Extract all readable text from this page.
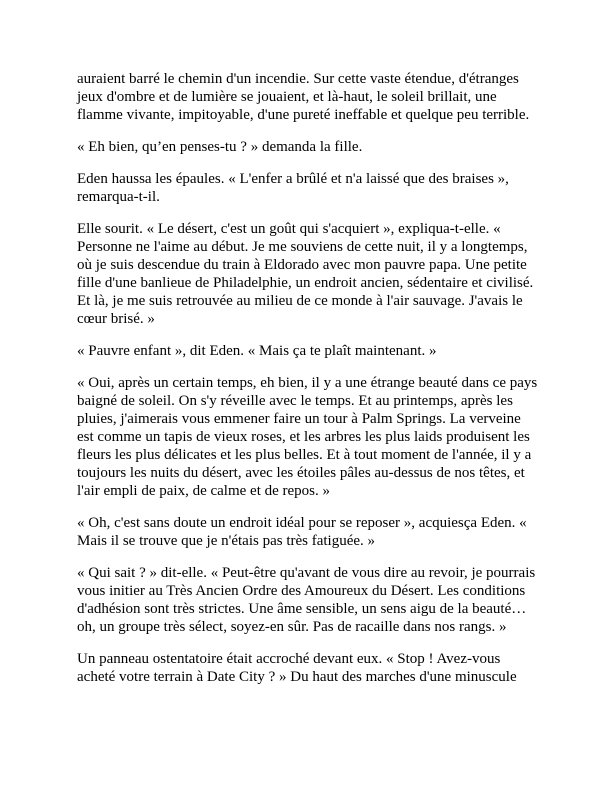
auraient barré le chemin d'un incendie. Sur cette vaste étendue, d'étranges jeux d'ombre et de lumière se jouaient, et là-haut, le soleil brillait, une flamme vivante, impitoyable, d'une pureté ineffable et quelque peu terrible.

« Eh bien, qu’en penses-tu ? » demanda la fille.

Eden haussa les épaules. « L'enfer a brûlé et n'a laissé que des braises », remarqua-t-il.

Elle sourit. « Le désert, c'est un goût qui s'acquiert », expliqua-t-elle. « Personne ne l'aime au début. Je me souviens de cette nuit, il y a longtemps, où je suis descendue du train à Eldorado avec mon pauvre papa. Une petite fille d'une banlieue de Philadelphie, un endroit ancien, sédentaire et civilisé. Et là, je me suis retrouvée au milieu de ce monde à l'air sauvage. J'avais le cœur brisé. »

« Pauvre enfant », dit Eden. « Mais ça te plaît maintenant. »

« Oui, après un certain temps, eh bien, il y a une étrange beauté dans ce pays baigné de soleil. On s'y réveille avec le temps. Et au printemps, après les pluies, j'aimerais vous emmener faire un tour à Palm Springs. La verveine est comme un tapis de vieux roses, et les arbres les plus laids produisent les fleurs les plus délicates et les plus belles. Et à tout moment de l'année, il y a toujours les nuits du désert, avec les étoiles pâles au-dessus de nos têtes, et l'air empli de paix, de calme et de repos. »

« Oh, c'est sans doute un endroit idéal pour se reposer », acquiesça Eden. « Mais il se trouve que je n'étais pas très fatiguée. »

« Qui sait ? » dit-elle. « Peut-être qu'avant de vous dire au revoir, je pourrais vous initier au Très Ancien Ordre des Amoureux du Désert. Les conditions d'adhésion sont très strictes. Une âme sensible, un sens aigu de la beauté… oh, un groupe très sélect, soyez-en sûr. Pas de racaille dans nos rangs. »

Un panneau ostentatoire était accroché devant eux. « Stop ! Avez-vous acheté votre terrain à Date City ? » Du haut des marches d'une minuscule
